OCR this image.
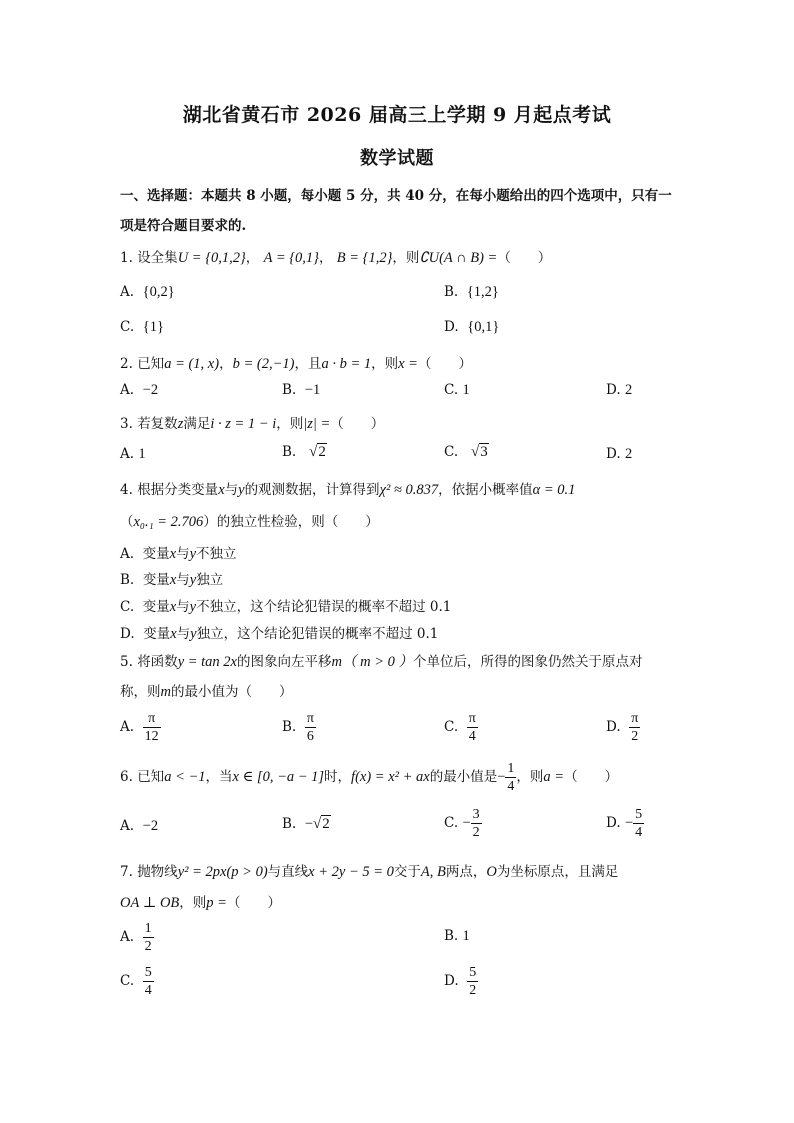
湖北省黄石市 2026 届高三上学期 9 月起点考试
数学试题
一、选择题：本题共 8 小题，每小题 5 分，共 40 分，在每小题给出的四个选项中，只有一
项是符合题目要求的.
1. 设全集U = {0,1,2}， A = {0,1}， B = {1,2}，则∁U(A ∩ B) =（　　）
A. {0,2}	B. {1,2}
C. {1}	D. {0,1}
2. 已知a = (1, x)，b = (2,−1)，且a · b = 1，则x =（　　）
A. −2	B. −1	C. 1	D. 2
3. 若复数z满足i · z = 1 − i，则|z| =（　　）
A. 1	B. √2	C. √3	D. 2
4. 根据分类变量x与y的观测数据，计算得到χ² ≈ 0.837，依据小概率值α = 0.1
（x₀.₁ = 2.706）的独立性检验，则（　　）
A. 变量x与y不独立
B. 变量x与y独立
C. 变量x与y不独立，这个结论犯错误的概率不超过 0.1
D. 变量x与y独立，这个结论犯错误的概率不超过 0.1
5. 将函数y = tan 2x的图象向左平移m（ m > 0 ）个单位后，所得的图象仍然关于原点对
称，则m的最小值为（　　）
A. $\frac{\pi}{12}$	B. $\frac{\pi}{6}$	C. $\frac{\pi}{4}$	D. $\frac{\pi}{2}$
6. 已知a < −1，当x ∈ [0, −a − 1]时，f(x) = x² + ax的最小值是− $\frac{1}{4}$ ，则a =（　　）
A. −2	B. −√2	C. − $\frac{3}{2}$	D. − $\frac{5}{4}$
7. 抛物线y² = 2px(p > 0)与直线x + 2y − 5 = 0交于A, B两点，O为坐标原点，且满足
OA ⊥ OB，则p =（　　）
A. $\frac{1}{2}$	B. 1
C. $\frac{5}{4}$	D. $\frac{5}{2}$
